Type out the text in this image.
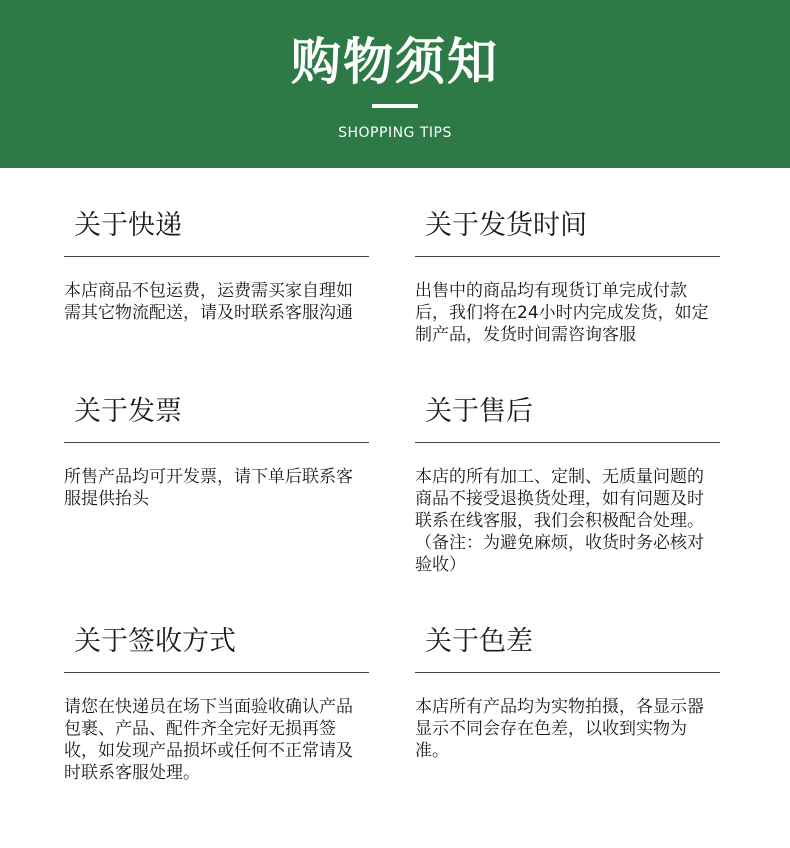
购物须知
SHOPPING TIPS
关于快递
本店商品不包运费，运费需买家自理如需其它物流配送，请及时联系客服沟通
关于发货时间
出售中的商品均有现货订单完成付款后，我们将在24小时内完成发货，如定制产品，发货时间需咨询客服
关于发票
所售产品均可开发票，请下单后联系客服提供抬头
关于售后
本店的所有加工、定制、无质量问题的商品不接受退换货处理，如有问题及时联系在线客服，我们会积极配合处理。（备注：为避免麻烦，收货时务必核对验收）
关于签收方式
请您在快递员在场下当面验收确认产品包裹、产品、配件齐全完好无损再签收，如发现产品损坏或任何不正常请及时联系客服处理。
关于色差
本店所有产品均为实物拍摄，各显示器显示不同会存在色差，以收到实物为准。
